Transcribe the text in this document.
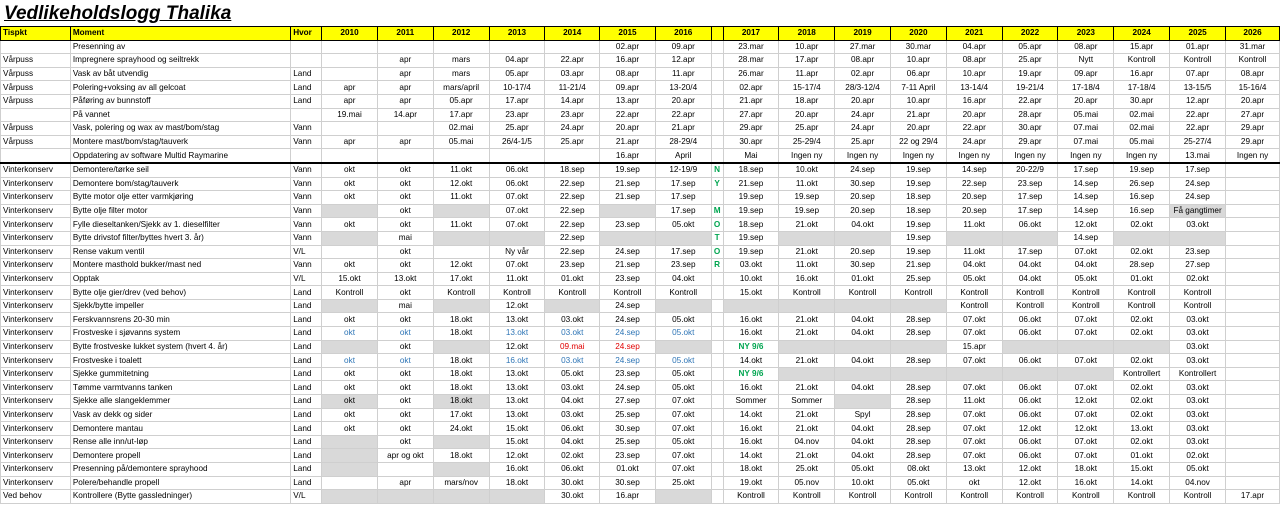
Vedlikeholdslogg Thalika
Tispkt	Moment	Hvor	2010	2011	2012	2013	2014	2015	2016		2017	2018	2019	2020	2021	2022	2023	2024	2025	2026
	Presenning av							02.apr	09.apr		23.mar	10.apr	27.mar	30.mar	04.apr	05.apr	08.apr	15.apr	01.apr	31.mar
Vårpuss	Impregnere sprayhood og seiltrekk			apr	mars	04.apr	22.apr	16.apr	12.apr		28.mar	17.apr	08.apr	10.apr	08.apr	25.apr	Nytt	Kontroll	Kontroll	Kontroll
Vårpuss	Vask av båt utvendig	Land		apr	mars	05.apr	03.apr	08.apr	11.apr		26.mar	11.apr	02.apr	06.apr	10.apr	19.apr	09.apr	16.apr	07.apr	08.apr
Vårpuss	Polering+voksing av all gelcoat	Land	apr	apr	mars/april	10-17/4	11-21/4	09.apr	13-20/4		02.apr	15-17/4	28/3-12/4	7-11 April	13-14/4	19-21/4	17-18/4	17-18/4	13-15/5	15-16/4
Vårpuss	Påføring av bunnstoff	Land	apr	apr	05.apr	17.apr	14.apr	13.apr	20.apr		21.apr	18.apr	20.apr	10.apr	16.apr	22.apr	20.apr	30.apr	12.apr	20.apr
	På vannet		19.mai	14.apr	17.apr	23.apr	23.apr	22.apr	22.apr		27.apr	20.apr	24.apr	21.apr	20.apr	28.apr	05.mai	02.mai	22.apr	27.apr
Vårpuss	Vask, polering og wax av mast/bom/stag	Vann			02.mai	25.apr	24.apr	20.apr	21.apr		29.apr	25.apr	24.apr	20.apr	22.apr	30.apr	07.mai	02.mai	22.apr	29.apr
Vårpuss	Montere mast/bom/stag/tauverk	Vann	apr	apr	05.mai	26/4-1/5	25.apr	21.apr	28-29/4		30.apr	25-29/4	25.apr	22 og 29/4	24.apr	29.apr	07.mai	05.mai	25-27/4	29.apr
	Oppdatering av software Multid Raymarine							16.apr	April		Mai	Ingen ny	Ingen ny	Ingen ny	Ingen ny	Ingen ny	Ingen ny	Ingen ny	13.mai	Ingen ny
Vinterkonserv	Demontere/tørke seil	Vann	okt	okt	11.okt	06.okt	18.sep	19.sep	12-19/9	N	18.sep	10.okt	24.sep	19.sep	14.sep	20-22/9	17.sep	19.sep	17.sep	
Vinterkonserv	Demontere bom/stag/tauverk	Vann	okt	okt	12.okt	06.okt	22.sep	21.sep	17.sep	Y	21.sep	11.okt	30.sep	19.sep	22.sep	23.sep	14.sep	26.sep	24.sep	
Vinterkonserv	Bytte motor olje etter varmkjøring	Vann	okt	okt	11.okt	07.okt	22.sep	21.sep	17.sep		19.sep	19.sep	20.sep	18.sep	20.sep	17.sep	14.sep	16.sep	24.sep	
Vinterkonserv	Bytte olje filter motor	Vann		okt		07.okt	22.sep		17.sep	M	19.sep	19.sep	20.sep	18.sep	20.sep	17.sep	14.sep	16.sep	Få gangtimer	
Vinterkonserv	Fylle dieseltanken/Sjekk av 1. dieselfilter	Vann	okt	okt	11.okt	07.okt	22.sep	23.sep	05.okt	O	18.sep	21.okt	04.okt	19.sep	11.okt	06.okt	12.okt	02.okt	03.okt	
Vinterkonserv	Bytte drivstof filter/byttes hvert 3. år)	Vann		mai			22.sep			T	19.sep			19.sep			14.sep			
Vinterkonserv	Rense vakum ventil	V/L		okt		Ny vår	22.sep	24.sep	17.sep	O	19.sep	21.okt	20.sep	19.sep	11.okt	17.sep	07.okt	02.okt	23.sep	
Vinterkonserv	Montere masthold bukker/mast ned	Vann	okt	okt	12.okt	07.okt	23.sep	21.sep	23.sep	R	03.okt	11.okt	30.sep	21.sep	04.okt	04.okt	04.okt	28.sep	27.sep	
Vinterkonserv	Opptak	V/L	15.okt	13.okt	17.okt	11.okt	01.okt	23.sep	04.okt		10.okt	16.okt	01.okt	25.sep	05.okt	04.okt	05.okt	01.okt	02.okt	
Vinterkonserv	Bytte olje gier/drev (ved behov)	Land	Kontroll	okt	Kontroll	Kontroll	Kontroll	Kontroll	Kontroll		15.okt	Kontroll	Kontroll	Kontroll	Kontroll	Kontroll	Kontroll	Kontroll	Kontroll	
Vinterkonserv	Sjekk/bytte impeller	Land		mai		12.okt		24.sep							Kontroll	Kontroll	Kontroll	Kontroll	Kontroll	
Vinterkonserv	Ferskvannsrens 20-30 min	Land	okt	okt	18.okt	13.okt	03.okt	24.sep	05.okt		16.okt	21.okt	04.okt	28.sep	07.okt	06.okt	07.okt	02.okt	03.okt	
Vinterkonserv	Frostveske i sjøvanns system	Land	okt	okt	18.okt	13.okt	03.okt	24.sep	05.okt		16.okt	21.okt	04.okt	28.sep	07.okt	06.okt	07.okt	02.okt	03.okt	
Vinterkonserv	Bytte frostveske lukket system (hvert 4. år)	Land		okt		12.okt	09.mai	24.sep			NY 9/6				15.apr				03.okt	
Vinterkonserv	Frostveske i toalett	Land	okt	okt	18.okt	16.okt	03.okt	24.sep	05.okt		14.okt	21.okt	04.okt	28.sep	07.okt	06.okt	07.okt	02.okt	03.okt	
Vinterkonserv	Sjekke gummitetning	Land	okt	okt	18.okt	13.okt	05.okt	23.sep	05.okt		NY 9/6							Kontrollert	Kontrollert	
Vinterkonserv	Tømme varmtvanns tanken	Land	okt	okt	18.okt	13.okt	03.okt	24.sep	05.okt		16.okt	21.okt	04.okt	28.sep	07.okt	06.okt	07.okt	02.okt	03.okt	
Vinterkonserv	Sjekke alle slangeklemmer	Land	okt	okt	18.okt	13.okt	04.okt	27.sep	07.okt		Sommer	Sommer		28.sep	11.okt	06.okt	12.okt	02.okt	03.okt	
Vinterkonserv	Vask av dekk og sider	Land	okt	okt	17.okt	13.okt	03.okt	25.sep	07.okt		14.okt	21.okt	Spyl	28.sep	07.okt	06.okt	07.okt	02.okt	03.okt	
Vinterkonserv	Demontere mantau	Land	okt	okt	24.okt	15.okt	06.okt	30.sep	07.okt		16.okt	21.okt	04.okt	28.sep	07.okt	12.okt	12.okt	13.okt	03.okt	
Vinterkonserv	Rense alle inn/ut-løp	Land		okt		15.okt	04.okt	25.sep	05.okt		16.okt	04.nov	04.okt	28.sep	07.okt	06.okt	07.okt	02.okt	03.okt	
Vinterkonserv	Demontere propell	Land		apr og okt	18.okt	12.okt	02.okt	23.sep	07.okt		14.okt	21.okt	04.okt	28.sep	07.okt	06.okt	07.okt	01.okt	02.okt	
Vinterkonserv	Presenning på/demontere sprayhood	Land				16.okt	06.okt	01.okt	07.okt		18.okt	25.okt	05.okt	08.okt	13.okt	12.okt	18.okt	15.okt	05.okt	
Vinterkonserv	Polere/behandle propell	Land		apr	mars/nov	18.okt	30.okt	30.sep	25.okt		19.okt	05.nov	10.okt	05.okt	okt	12.okt	16.okt	14.okt	04.nov	
Ved behov	Kontrollere (Bytte gassledninger)	V/L					30.okt	16.apr			Kontroll	Kontroll	Kontroll	Kontroll	Kontroll	Kontroll	Kontroll	Kontroll	Kontroll	17.apr
